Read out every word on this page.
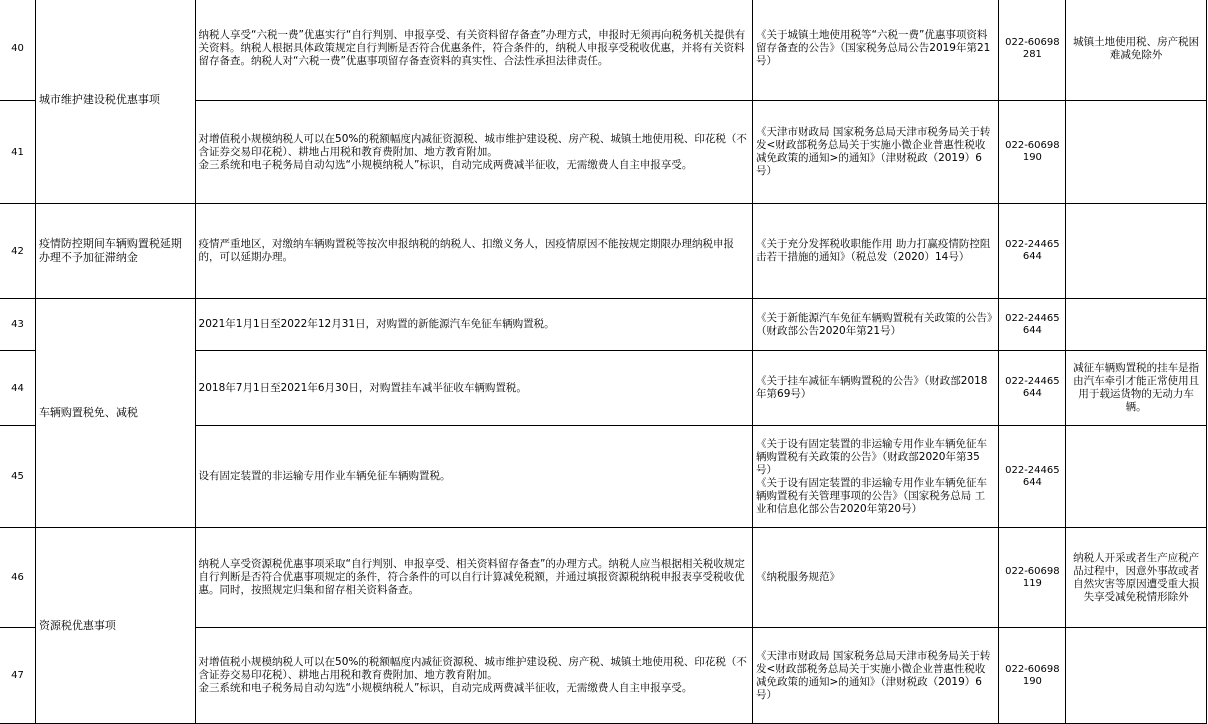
40	城市维护建设税优惠事项	纳税人享受“六税一费”优惠实行“自行判别、申报享受、有关资料留存备查”办理方式，申报时无须再向税务机关提供有关资料。纳税人根据具体政策规定自行判断是否符合优惠条件，符合条件的，纳税人申报享受税收优惠，并将有关资料留存备查。纳税人对“六税一费”优惠事项留存备查资料的真实性、合法性承担法律责任。	《关于城镇土地使用税等“六税一费”优惠事项资料留存备查的公告》（国家税务总局公告2019年第21号）	022-60698281	城镇土地使用税、房产税困难减免除外
41		对增值税小规模纳税人可以在50%的税额幅度内减征资源税、城市维护建设税、房产税、城镇土地使用税、印花税（不含证券交易印花税）、耕地占用税和教育费附加、地方教育附加。
金三系统和电子税务局自动勾选“小规模纳税人”标识，自动完成两费减半征收，无需缴费人自主申报享受。	《天津市财政局 国家税务总局天津市税务局关于转发<财政部税务总局关于实施小微企业普惠性税收减免政策的通知>的通知》（津财税政（2019）6号）	022-60698190	
42	疫情防控期间车辆购置税延期办理不予加征滞纳金	疫情严重地区，对缴纳车辆购置税等按次申报纳税的纳税人、扣缴义务人，因疫情原因不能按规定期限办理纳税申报的，可以延期办理。	《关于充分发挥税收职能作用 助力打赢疫情防控阻击若干措施的通知》（税总发（2020）14号）	022-24465644	
43	车辆购置税免、减税	2021年1月1日至2022年12月31日，对购置的新能源汽车免征车辆购置税。	《关于新能源汽车免征车辆购置税有关政策的公告》（财政部公告2020年第21号）	022-24465644	
44		2018年7月1日至2021年6月30日，对购置挂车减半征收车辆购置税。	《关于挂车减征车辆购置税的公告》（财政部2018年第69号）	022-24465644	减征车辆购置税的挂车是指由汽车牵引才能正常使用且用于载运货物的无动力车辆。
45		设有固定装置的非运输专用作业车辆免征车辆购置税。	《关于设有固定装置的非运输专用作业车辆免征车辆购置税有关政策的公告》（财政部2020年第35号）
《关于设有固定装置的非运输专用作业车辆免征车辆购置税有关管理事项的公告》（国家税务总局 工业和信息化部公告2020年第20号）	022-24465644	
46	资源税优惠事项	纳税人享受资源税优惠事项采取“自行判别、申报享受、相关资料留存备查”的办理方式。纳税人应当根据相关税收规定自行判断是否符合优惠事项规定的条件，符合条件的可以自行计算减免税额，并通过填报资源税纳税申报表享受税收优惠。同时，按照规定归集和留存相关资料备查。	《纳税服务规范》	022-60698119	纳税人开采或者生产应税产品过程中，因意外事故或者自然灾害等原因遭受重大损失享受减免税情形除外
47		对增值税小规模纳税人可以在50%的税额幅度内减征资源税、城市维护建设税、房产税、城镇土地使用税、印花税（不含证券交易印花税）、耕地占用税和教育费附加、地方教育附加。
金三系统和电子税务局自动勾选“小规模纳税人”标识，自动完成两费减半征收，无需缴费人自主申报享受。	《天津市财政局 国家税务总局天津市税务局关于转发<财政部税务总局关于实施小微企业普惠性税收减免政策的通知>的通知》（津财税政（2019）6号）	022-60698190	
